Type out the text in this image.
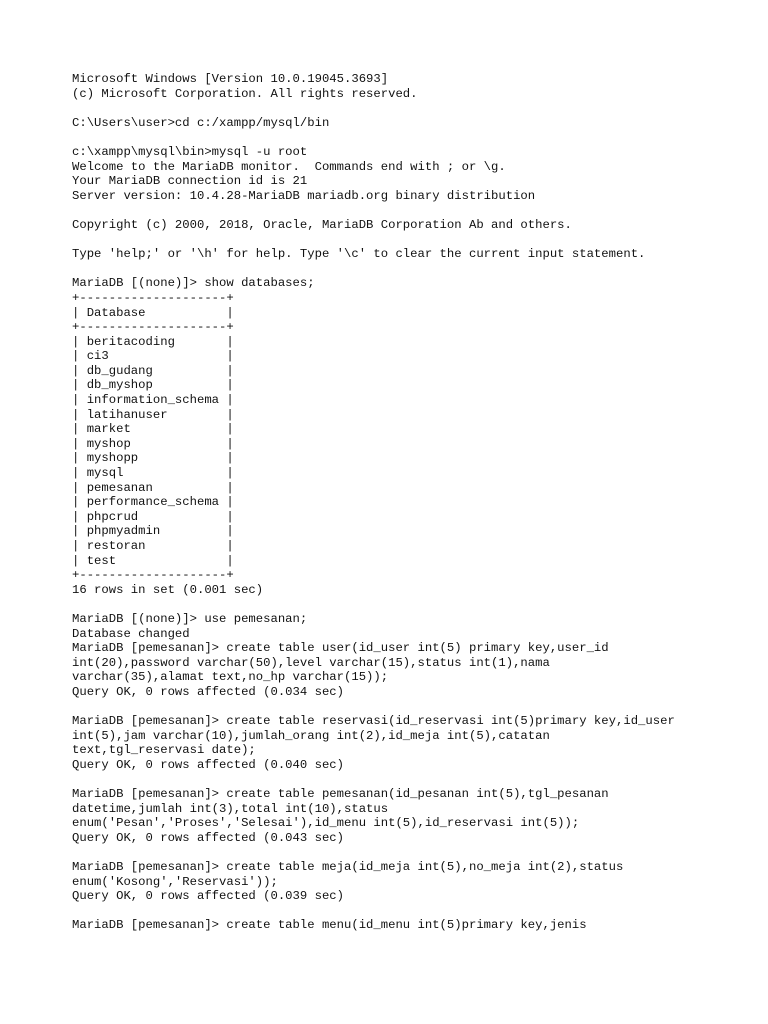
Microsoft Windows [Version 10.0.19045.3693]
(c) Microsoft Corporation. All rights reserved.
C:\Users\user>cd c:/xampp/mysql/bin
c:\xampp\mysql\bin>mysql -u root
Welcome to the MariaDB monitor.  Commands end with ; or \g.
Your MariaDB connection id is 21
Server version: 10.4.28-MariaDB mariadb.org binary distribution
Copyright (c) 2000, 2018, Oracle, MariaDB Corporation Ab and others.
Type 'help;' or '\h' for help. Type '\c' to clear the current input statement.
MariaDB [(none)]> show databases;
+--------------------+
| Database           |
+--------------------+
| beritacoding       |
| ci3                |
| db_gudang          |
| db_myshop          |
| information_schema |
| latihanuser        |
| market             |
| myshop             |
| myshopp            |
| mysql              |
| pemesanan          |
| performance_schema |
| phpcrud            |
| phpmyadmin         |
| restoran           |
| test               |
+--------------------+
16 rows in set (0.001 sec)
MariaDB [(none)]> use pemesanan;
Database changed
MariaDB [pemesanan]> create table user(id_user int(5) primary key,user_id
int(20),password varchar(50),level varchar(15),status int(1),nama
varchar(35),alamat text,no_hp varchar(15));
Query OK, 0 rows affected (0.034 sec)
MariaDB [pemesanan]> create table reservasi(id_reservasi int(5)primary key,id_user
int(5),jam varchar(10),jumlah_orang int(2),id_meja int(5),catatan
text,tgl_reservasi date);
Query OK, 0 rows affected (0.040 sec)
MariaDB [pemesanan]> create table pemesanan(id_pesanan int(5),tgl_pesanan
datetime,jumlah int(3),total int(10),status
enum('Pesan','Proses','Selesai'),id_menu int(5),id_reservasi int(5));
Query OK, 0 rows affected (0.043 sec)
MariaDB [pemesanan]> create table meja(id_meja int(5),no_meja int(2),status
enum('Kosong','Reservasi'));
Query OK, 0 rows affected (0.039 sec)
MariaDB [pemesanan]> create table menu(id_menu int(5)primary key,jenis
